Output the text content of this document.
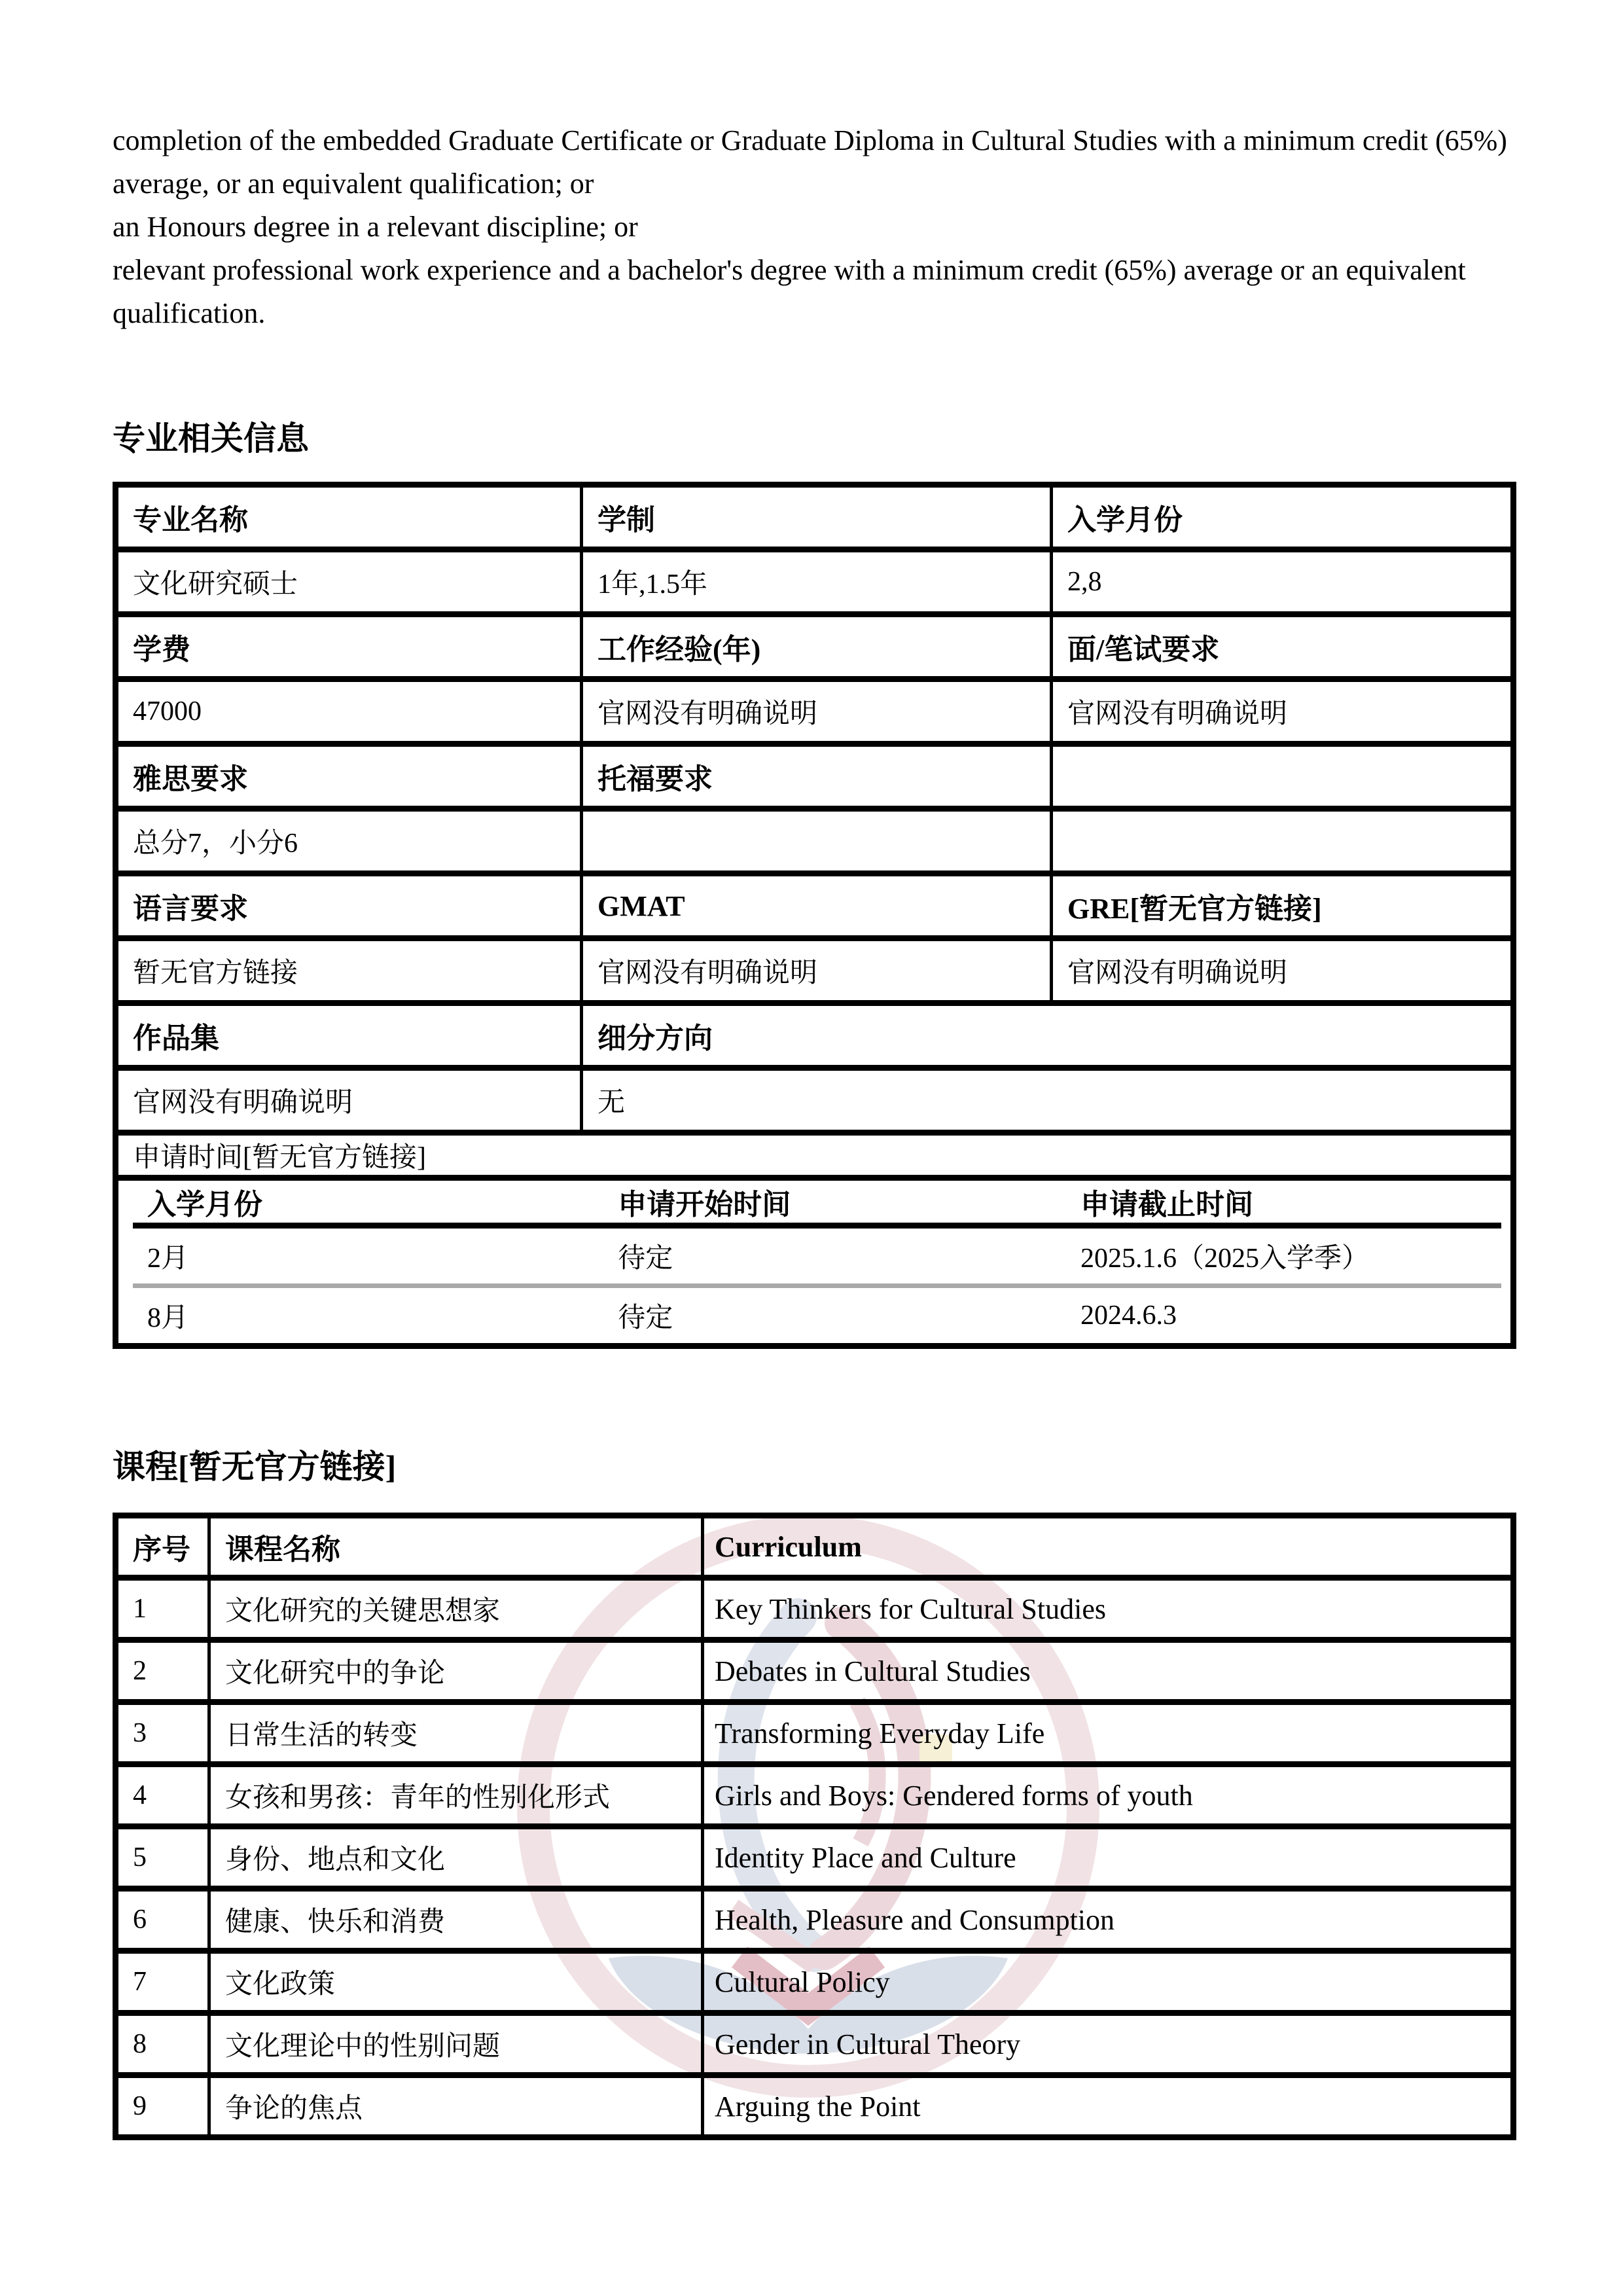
completion of the embedded Graduate Certificate or Graduate Diploma in Cultural Studies with a minimum credit (65%) average, or an equivalent qualification; or

an Honours degree in a relevant discipline; or

relevant professional work experience and a bachelor's degree with a minimum credit (65%) average or an equivalent qualification.

专业相关信息
专业名称	学制	入学月份
文化研究硕士	1年,1.5年	2,8
学费	工作经验(年)	面/笔试要求
47000	官网没有明确说明	官网没有明确说明
雅思要求	托福要求	
总分7，小分6		
语言要求	GMAT	GRE[暂无官方链接]
暂无官方链接	官网没有明确说明	官网没有明确说明
作品集	细分方向
官网没有明确说明	无
申请时间[暂无官方链接]

入学月份	申请开始时间	申请截止时间
2月	待定	2025.1.6（2025入学季）
8月	待定	2024.6.3
课程[暂无官方链接]
序号	课程名称	Curriculum
1	文化研究的关键思想家	Key Thinkers for Cultural Studies
2	文化研究中的争论	Debates in Cultural Studies
3	日常生活的转变	Transforming Everyday Life
4	女孩和男孩：青年的性别化形式	Girls and Boys: Gendered forms of youth
5	身份、地点和文化	Identity Place and Culture
6	健康、快乐和消费	Health, Pleasure and Consumption
7	文化政策	Cultural Policy
8	文化理论中的性别问题	Gender in Cultural Theory
9	争论的焦点	Arguing the Point
